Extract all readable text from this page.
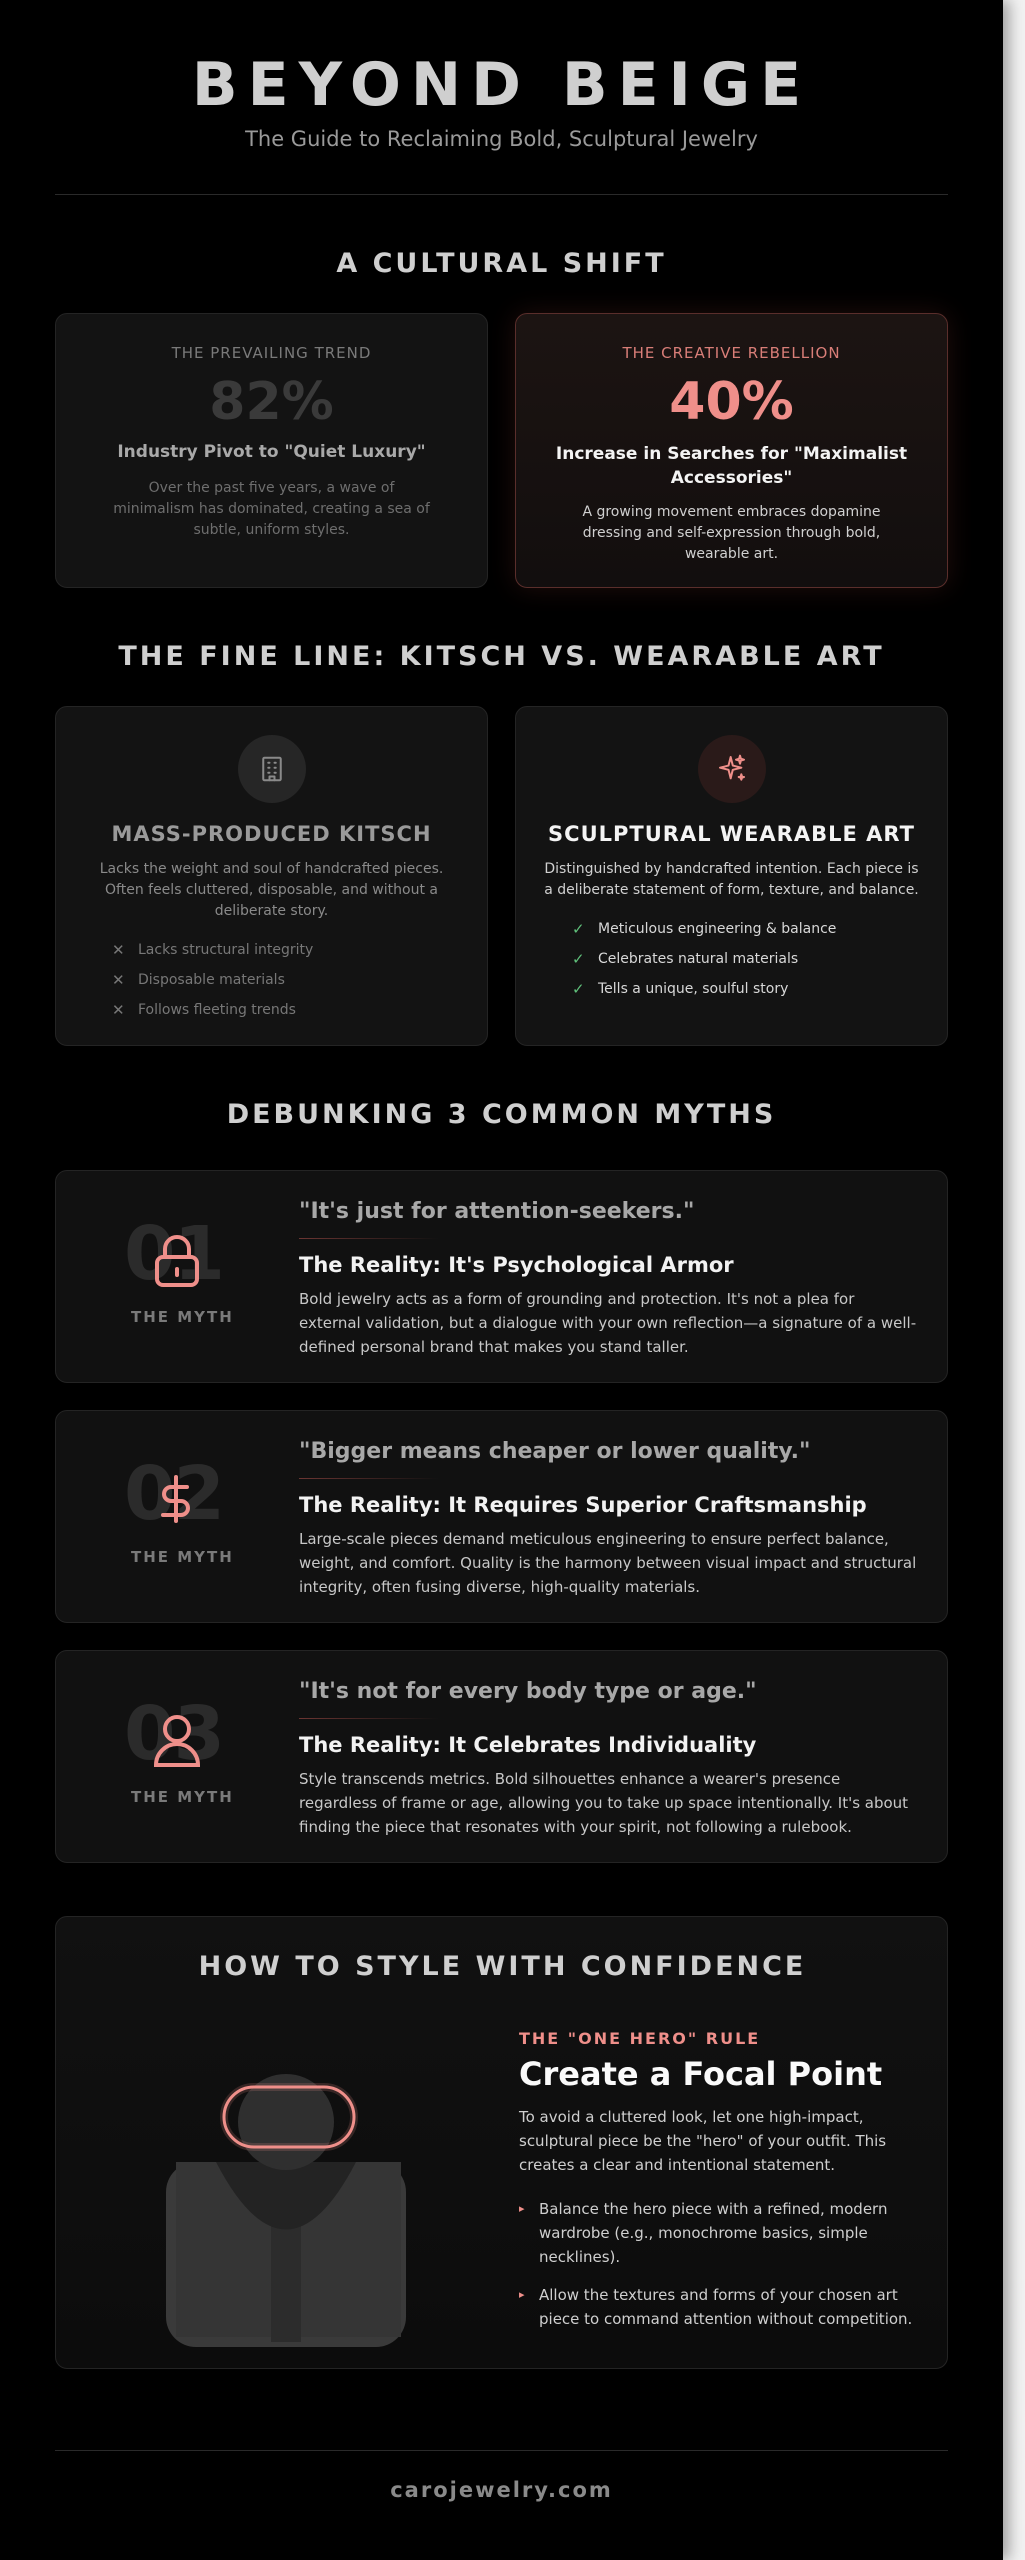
BEYOND BEIGE
The Guide to Reclaiming Bold, Sculptural Jewelry
A CULTURAL SHIFT
THE PREVAILING TREND
82%
Industry Pivot to "Quiet Luxury"
Over the past five years, a wave of minimalism has dominated, creating a sea of subtle, uniform styles.
THE CREATIVE REBELLION
40%
Increase in Searches for "Maximalist Accessories"
A growing movement embraces dopamine dressing and self-expression through bold, wearable art.
THE FINE LINE: KITSCH VS. WEARABLE ART
MASS-PRODUCED KITSCH
Lacks the weight and soul of handcrafted pieces. Often feels cluttered, disposable, and without a deliberate story.
✕ Lacks structural integrity
✕ Disposable materials
✕ Follows fleeting trends
SCULPTURAL WEARABLE ART
Distinguished by handcrafted intention. Each piece is a deliberate statement of form, texture, and balance.
✓ Meticulous engineering & balance
✓ Celebrates natural materials
✓ Tells a unique, soulful story
DEBUNKING 3 COMMON MYTHS
01
THE MYTH
"It's just for attention-seekers."
The Reality: It's Psychological Armor
Bold jewelry acts as a form of grounding and protection. It's not a plea for external validation, but a dialogue with your own reflection—a signature of a well-defined personal brand that makes you stand taller.
02
THE MYTH
"Bigger means cheaper or lower quality."
The Reality: It Requires Superior Craftsmanship
Large-scale pieces demand meticulous engineering to ensure perfect balance, weight, and comfort. Quality is the harmony between visual impact and structural integrity, often fusing diverse, high-quality materials.
03
THE MYTH
"It's not for every body type or age."
The Reality: It Celebrates Individuality
Style transcends metrics. Bold silhouettes enhance a wearer's presence regardless of frame or age, allowing you to take up space intentionally. It's about finding the piece that resonates with your spirit, not following a rulebook.
HOW TO STYLE WITH CONFIDENCE
THE "ONE HERO" RULE
Create a Focal Point
To avoid a cluttered look, let one high-impact, sculptural piece be the "hero" of your outfit. This creates a clear and intentional statement.
▸ Balance the hero piece with a refined, modern wardrobe (e.g., monochrome basics, simple necklines).
▸ Allow the textures and forms of your chosen art piece to command attention without competition.
carojewelry.com
